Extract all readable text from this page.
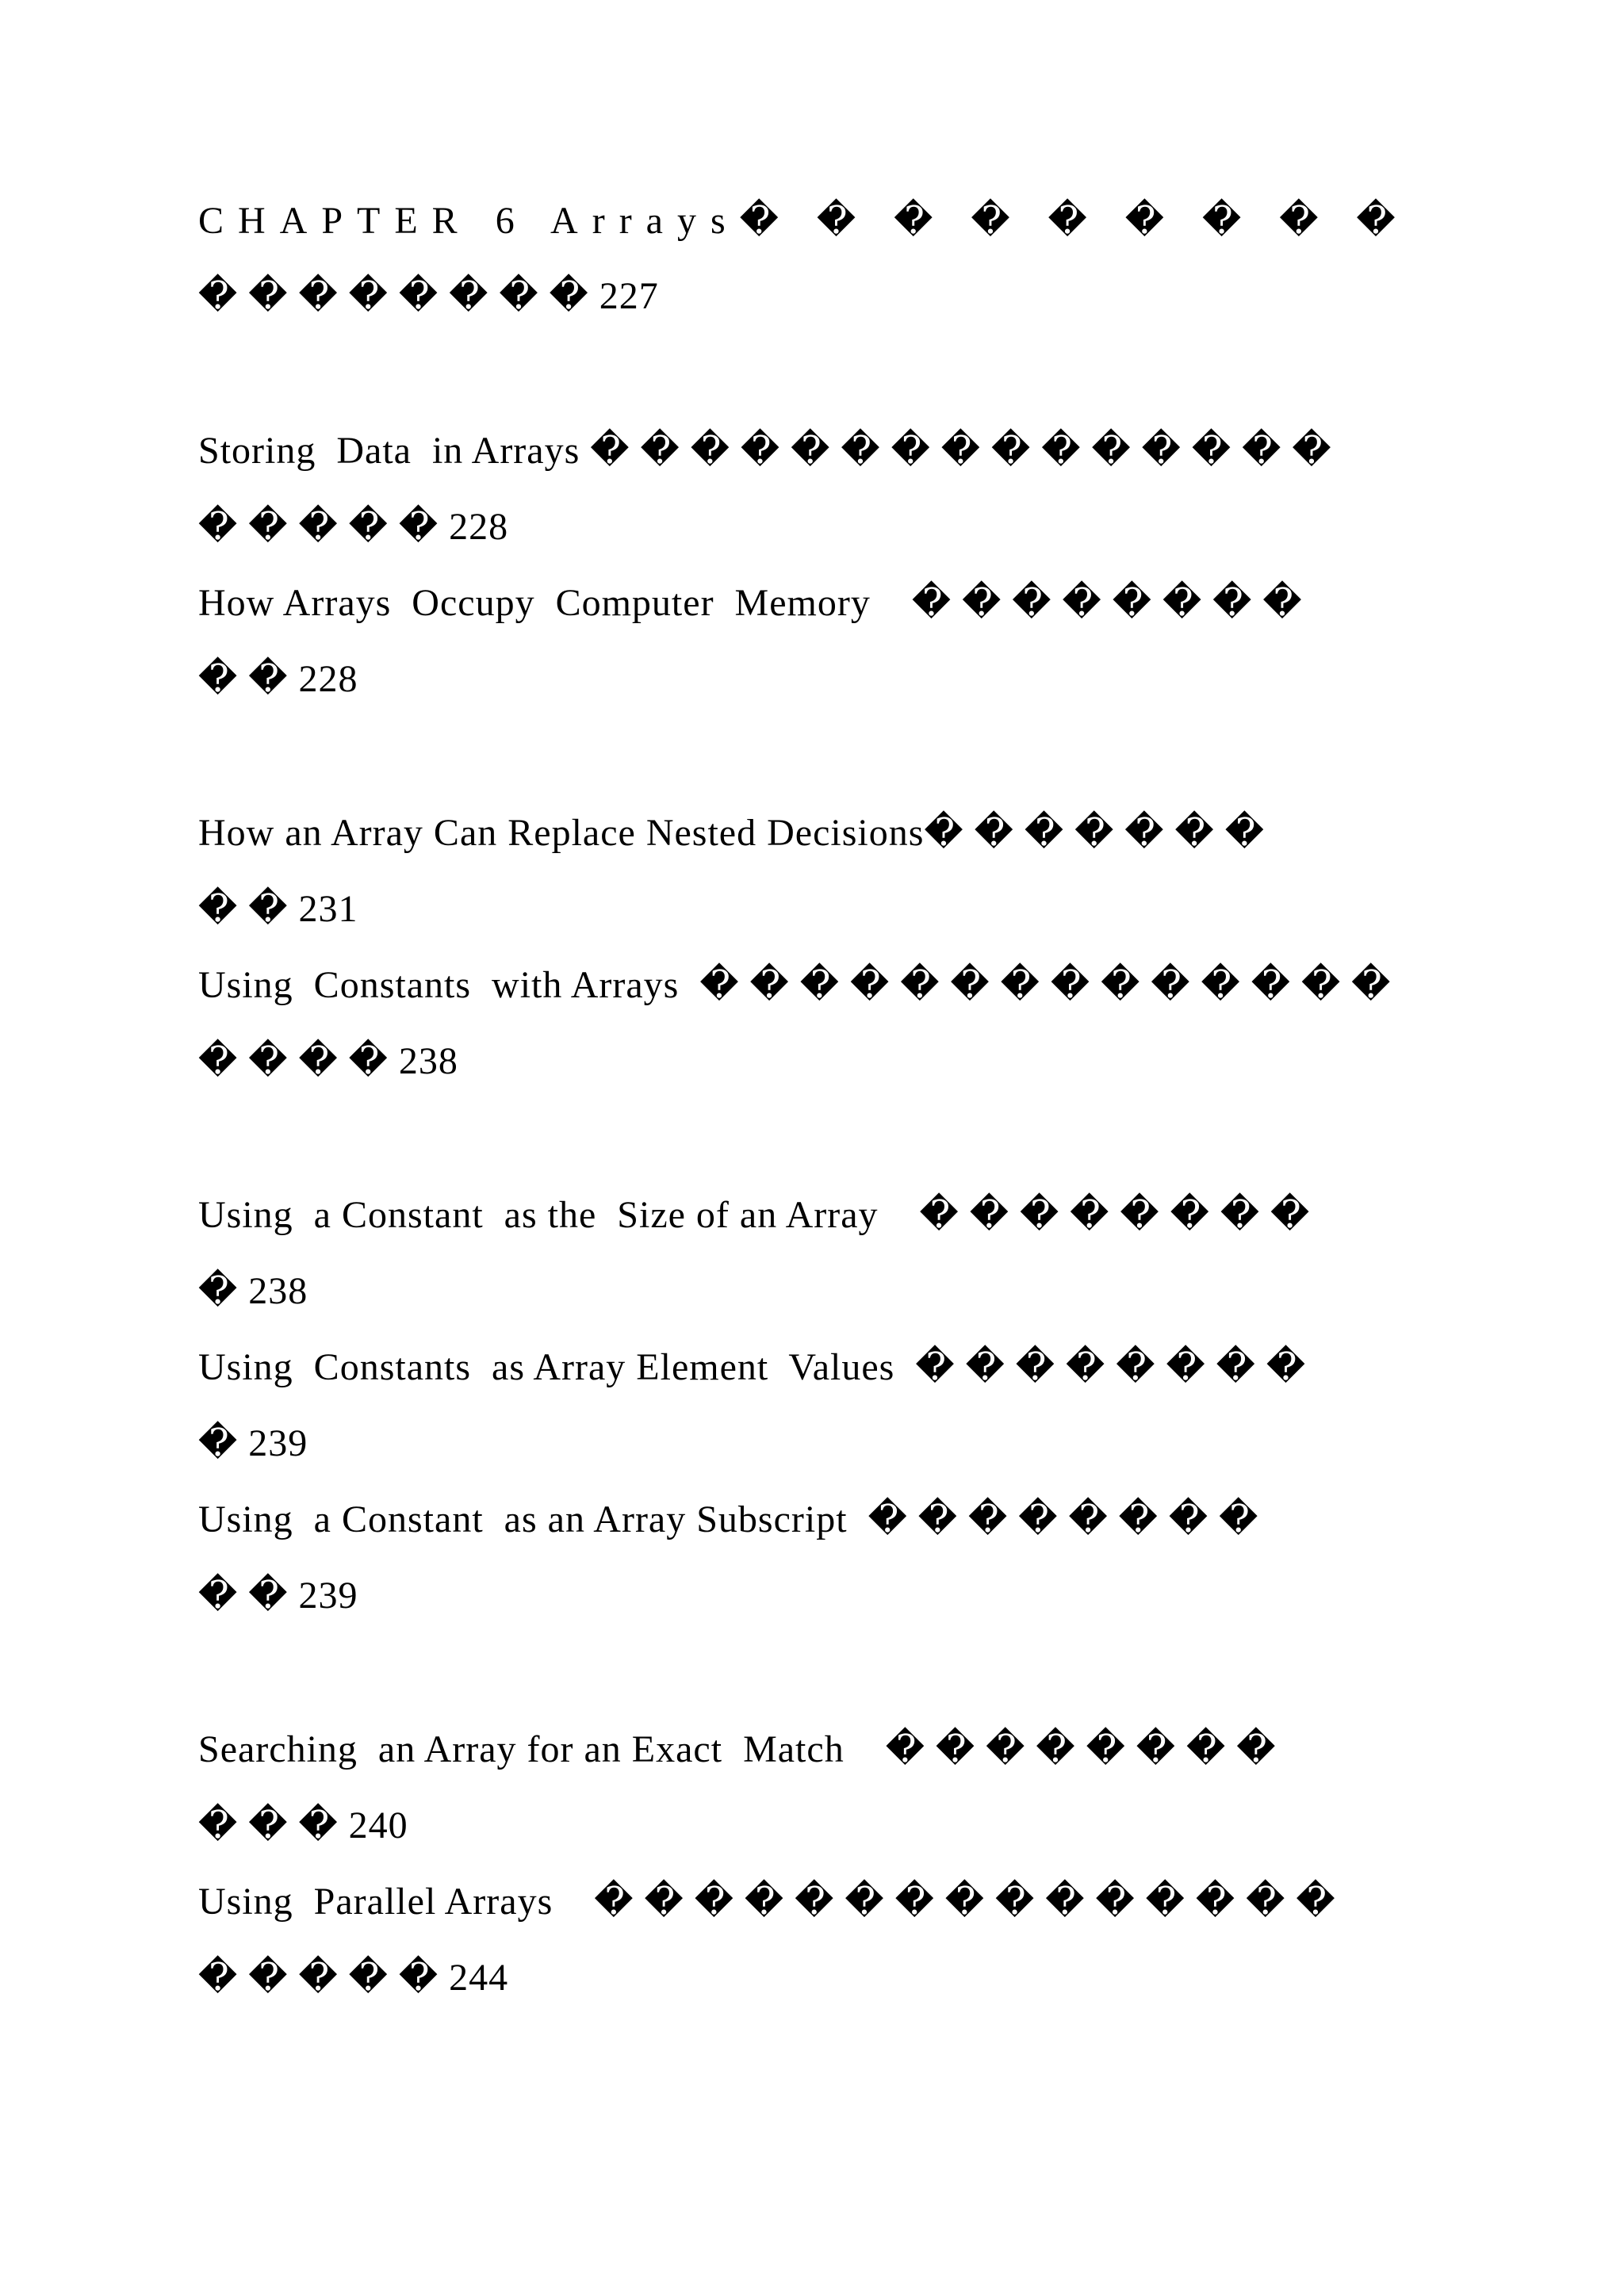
CHAPTER 6 Arrays� � � � � � � � �
� � � � � � � � 227
Storing  Data  in Arrays � � � � � � � � � � � � � � �
� � � � � 228
How Arrays  Occupy  Computer  Memory    � � � � � � � �
� � 228
How an Array Can Replace Nested Decisions� � � � � � �
� � 231
Using  Constants  with Arrays  � � � � � � � � � � � � � �
� � � � 238
Using  a Constant  as the  Size of an Array    � � � � � � � �
� 238
Using  Constants  as Array Element  Values  � � � � � � � �
� 239
Using  a Constant  as an Array Subscript  � � � � � � � �
� � 239
Searching  an Array for an Exact  Match    � � � � � � � �
� � � 240
Using  Parallel Arrays    � � � � � � � � � � � � � � �
� � � � � 244
